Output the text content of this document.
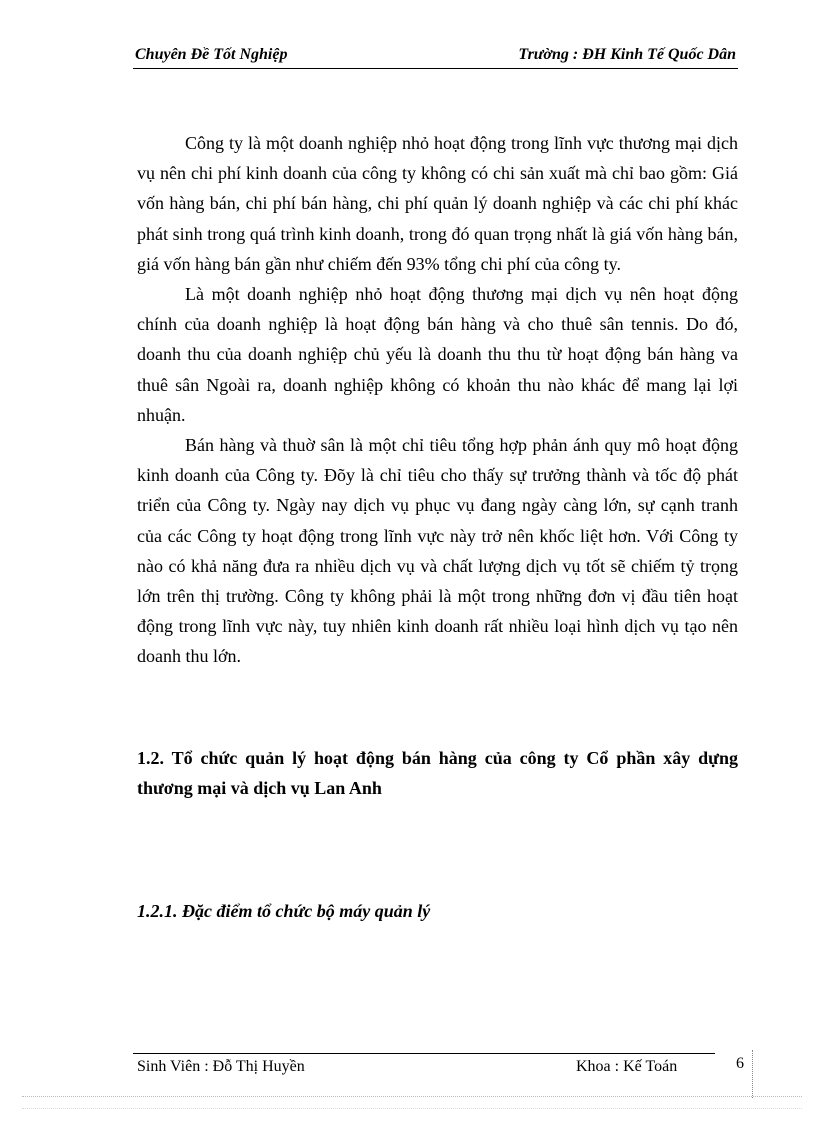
Chuyên Đề Tốt Nghiệp	Trường : ĐH Kinh Tế Quốc Dân

Công ty là một doanh nghiệp nhỏ hoạt động trong lĩnh vực thương mại dịch vụ nên chi phí kinh doanh của công ty không có chi sản xuất mà chỉ bao gồm: Giá vốn hàng bán, chi phí bán hàng, chi phí quản lý doanh nghiệp và các chi phí khác phát sinh trong quá trình kinh doanh, trong đó quan trọng nhất là giá vốn hàng bán, giá vốn hàng bán gần như chiếm đến 93% tổng chi phí của công ty.

Là một doanh nghiệp nhỏ hoạt động thương mại dịch vụ nên hoạt động chính của doanh nghiệp là hoạt động bán hàng và cho thuê sân tennis. Do đó, doanh thu của doanh nghiệp chủ yếu là doanh thu thu từ hoạt động bán hàng va thuê sân Ngoài ra, doanh nghiệp không có khoản thu nào khác để mang lại lợi nhuận.

Bán hàng và thuờ sân là một chỉ tiêu tổng hợp phản ánh quy mô hoạt động kinh doanh của Công ty. Đõy là chỉ tiêu cho thấy sự trưởng thành và tốc độ phát triển của Công ty. Ngày nay dịch vụ phục vụ đang ngày càng lớn, sự cạnh tranh của các Công ty hoạt động trong lĩnh vực này trở nên khốc liệt hơn. Với Công ty nào có khả năng đưa ra nhiều dịch vụ và chất lượng dịch vụ tốt sẽ chiếm tỷ trọng lớn trên thị trường. Công ty không phải là một trong những đơn vị đầu tiên hoạt động trong lĩnh vực này, tuy nhiên kinh doanh rất nhiều loại hình dịch vụ tạo nên doanh thu lớn.

1.2. Tổ chức quản lý hoạt động bán hàng của công ty Cổ phần xây dựng thương mại và dịch vụ Lan Anh
1.2.1. Đặc điểm tổ chức bộ máy quản lý
Sinh Viên : Đỗ Thị Huyền	Khoa : Kế Toán	6
